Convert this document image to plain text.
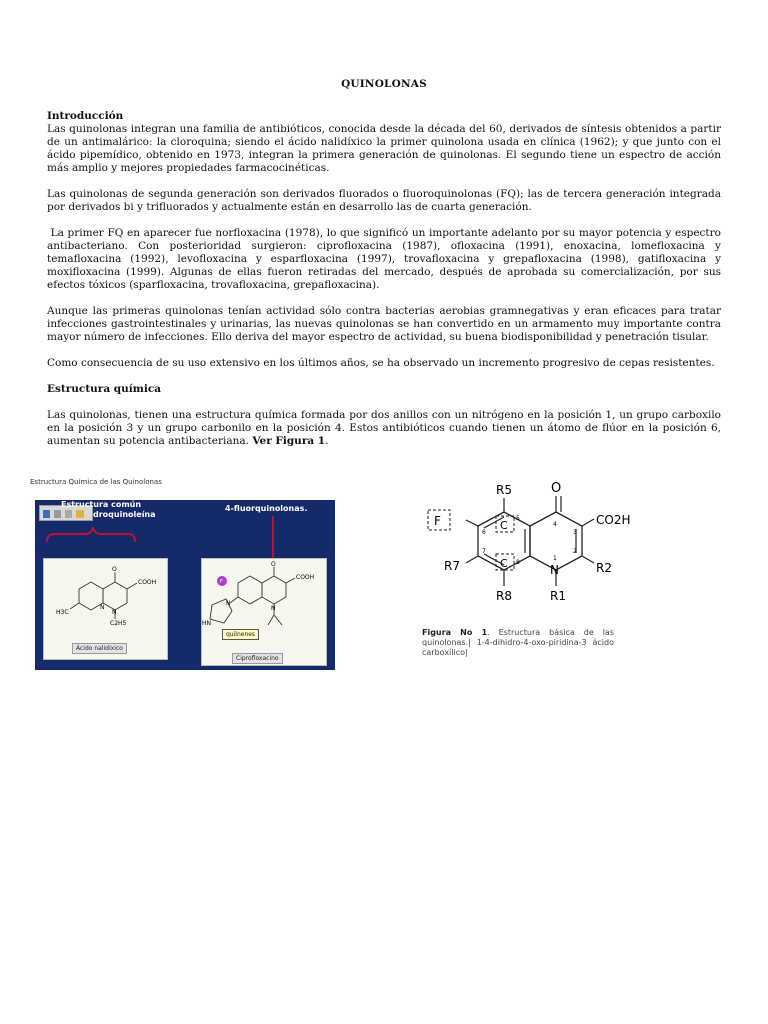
QUINOLONAS
Introducción

Las quinolonas integran una familia de antibióticos, conocida desde la década del 60, derivados de síntesis obtenidos a partir de un antimalárico: la cloroquina; siendo el ácido nalidíxico la primer quinolona usada en clínica (1962); y que junto con el ácido pipemídico, obtenido en 1973, integran la primera generación de quinolonas. El segundo tiene un espectro de acción más amplio y mejores propiedades farmacocinéticas.

Las quinolonas de segunda generación son derivados fluorados o fluoroquinolonas (FQ); las de tercera generación integrada por derivados bi y trifluorados y actualmente están en desarrollo las de cuarta generación.

La primer FQ en aparecer fue norfloxacina (1978), lo que significó un importante adelanto por su mayor potencia y espectro antibacteriano. Con posterioridad surgieron: ciprofloxacina (1987), ofloxacina (1991), enoxacina, lomefloxacina y temafloxacina (1992), levofloxacina y esparfloxacina (1997), trovafloxacina y grepafloxacina (1998), gatifloxacina y moxifloxacina (1999). Algunas de ellas fueron retiradas del mercado, después de aprobada su comercialización, por sus efectos tóxicos (sparfloxacina, trovafloxacina, grepafloxacina).

Aunque las primeras quinolonas tenían actividad sólo contra bacterias aerobias gramnegativas y eran eficaces para tratar infecciones gastrointestinales y urinarias, las nuevas quinolonas se han convertido en un armamento muy importante contra mayor número de infecciones. Ello deriva del mayor espectro de actividad, su buena biodisponibilidad y penetración tisular.

Como consecuencia de su uso extensivo en los últimos años, se ha observado un incremento progresivo de cepas resistentes.

Estructura química

Las quinolonas, tienen una estructura química formada por dos anillos con un nitrógeno en la posición 1, un grupo carboxilo en la posición 3 y un grupo carbonilo en la posición 4. Estos antibióticos cuando tienen un átomo de flúor en la posición 6, aumentan su potencia antibacteriana. Ver Figura 1.

Estructura Química de las Quinolonas
Estructura común
droquinoleína
4-fluorquinolonas.
O
COOH
H3C
N
N
C2H5
Ácido nalidíxico
O
COOH
HN
N
N
F
quilnenes
Ciprofloxacino
R5	O
CO2H
F	C
C	N
R7	R2
R8	R1
5
4
6	3
7	2
8
1
Figura No 1. Estructura básica de las quinolonas.| 1-4-dihidro-4-oxo-piridina-3 ácido carboxílico|
